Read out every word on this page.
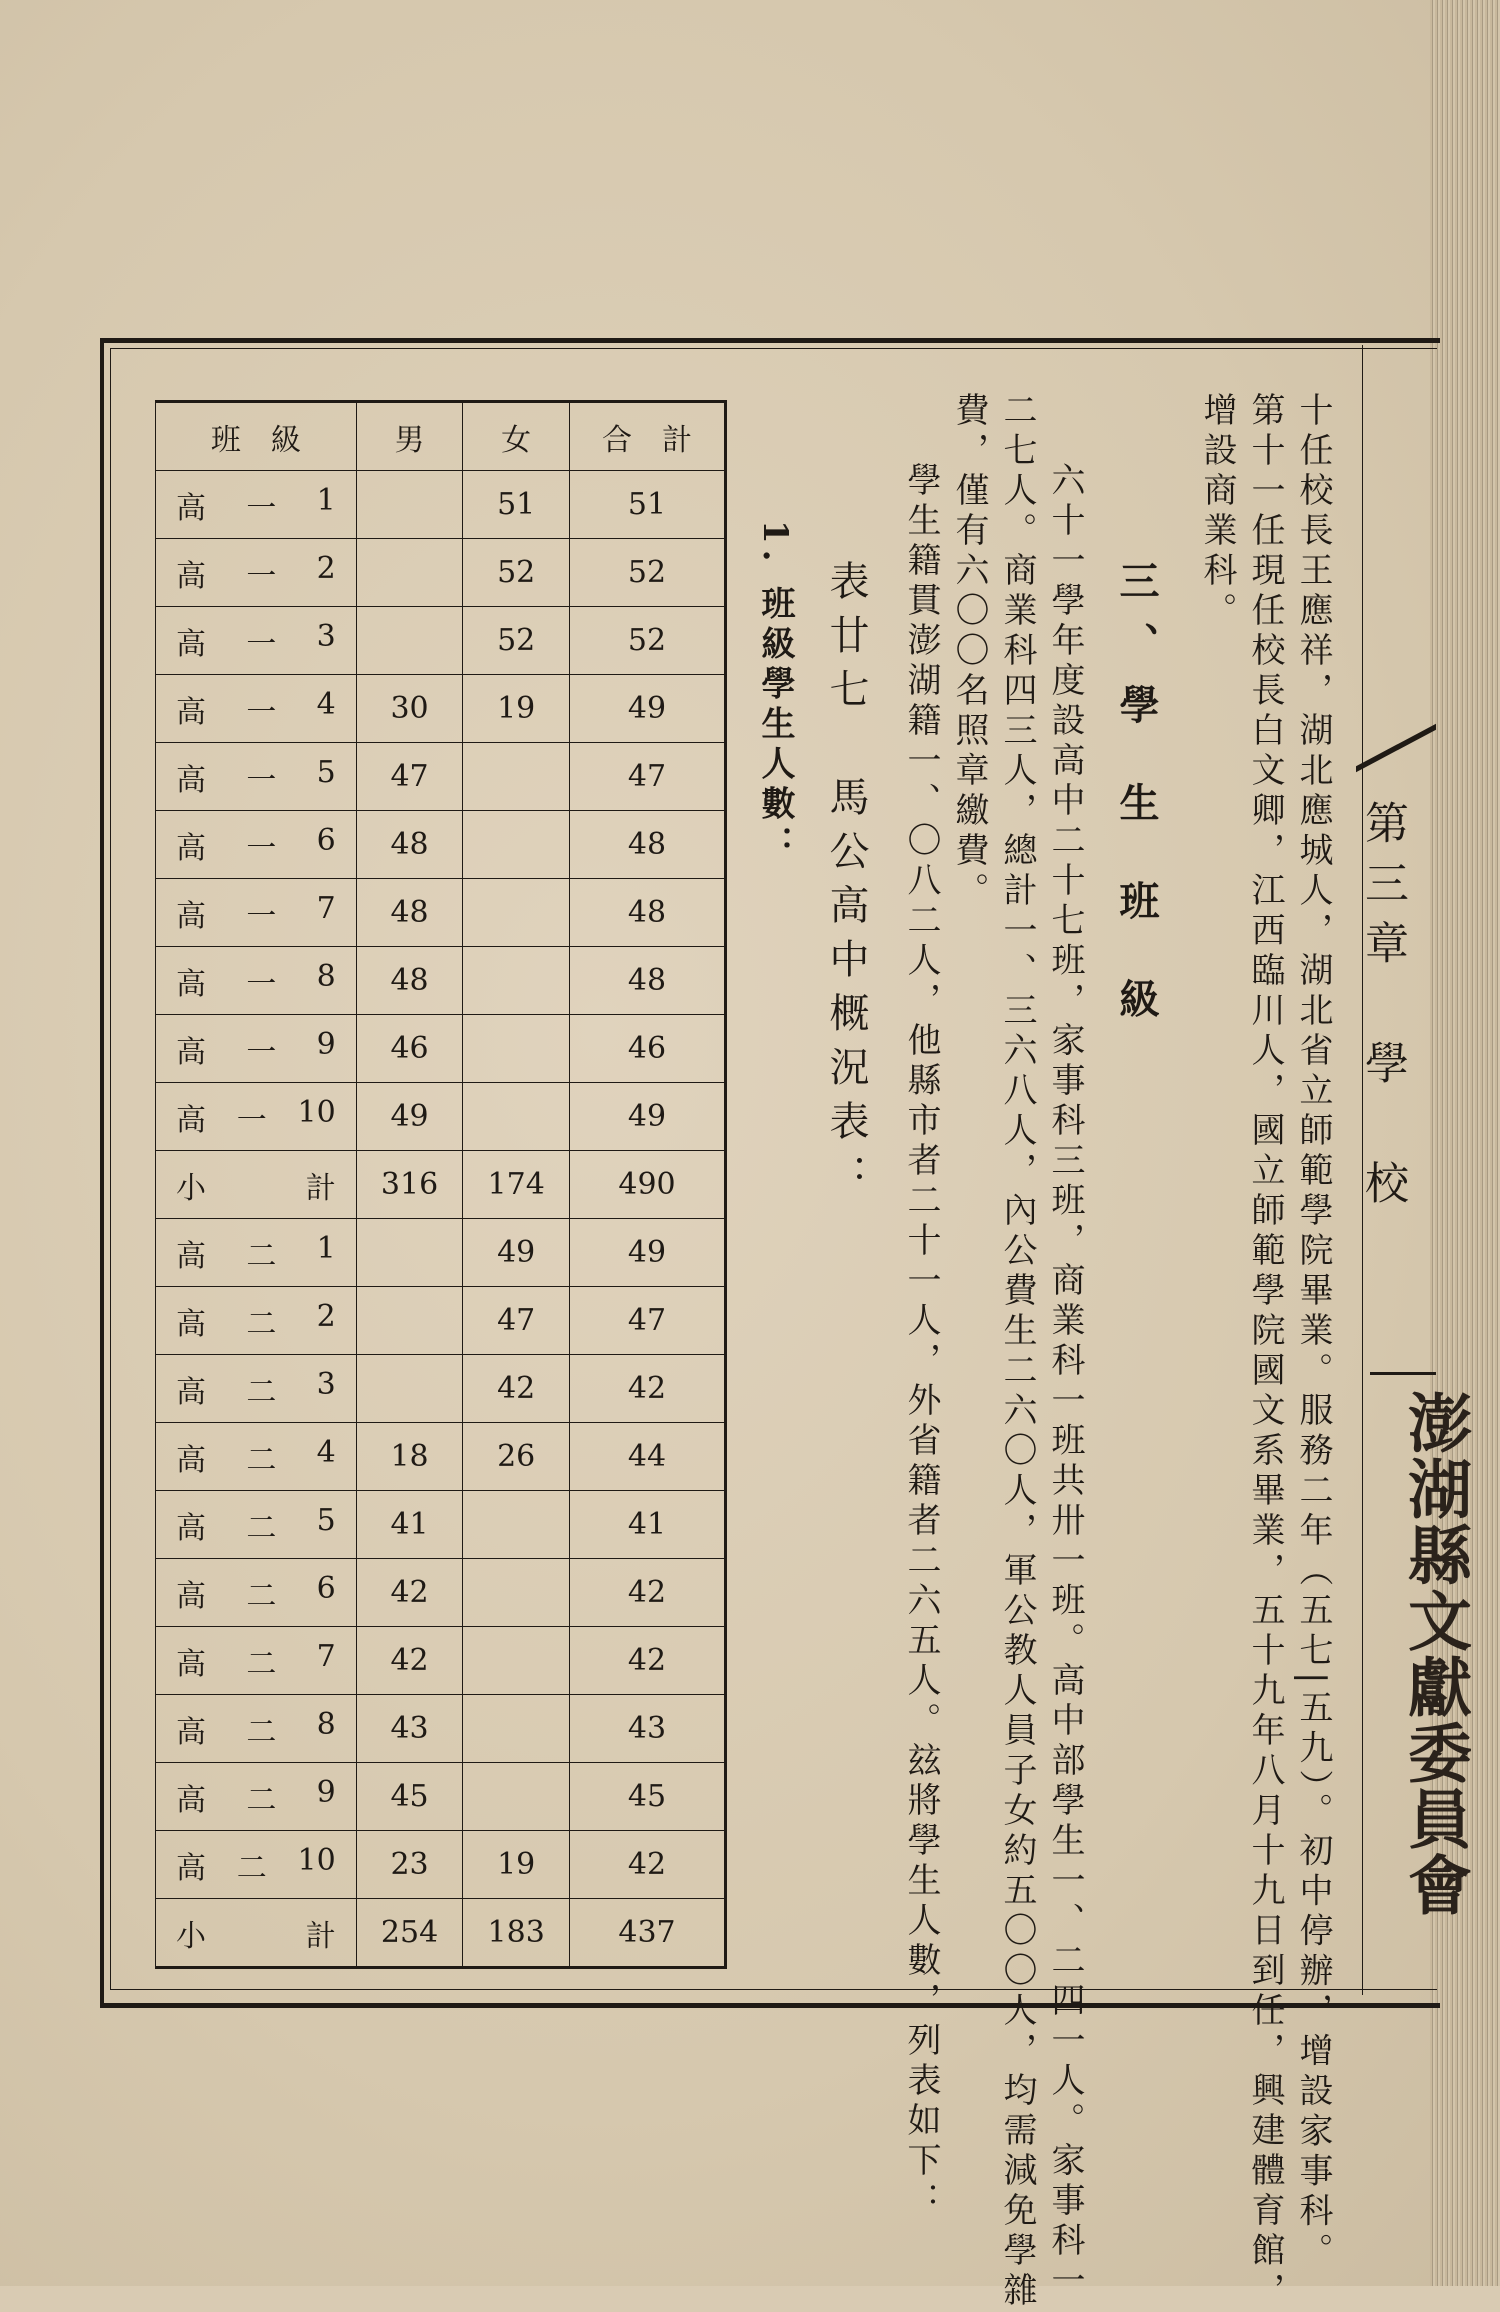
第三章　學　校
澎湖縣文獻委員會
十任校長王應祥，湖北應城人，湖北省立師範學院畢業。服務二年（五七|五九）。初中停辦，增設家事科。
第十一任現任校長白文卿，江西臨川人，國立師範學院國文系畢業，五十九年八月十九日到任，興建體育館，
增設商業科。
三、學 生 班 級
六十一學年度設高中二十七班，家事科三班，商業科一班共卅一班。高中部學生一、二四一人。家事科一
二七人。商業科四三人，總計一、三六八人，內公費生二六〇人，軍公教人員子女約五〇〇人，均需減免學雜
費，僅有六〇〇名照章繳費。
學生籍貫澎湖籍一、〇八二人，他縣市者二十一人，外省籍者二六五人。玆將學生人數，列表如下：
表廿七　馬公高中概況表：
1. 班級學生人數：
班　級	男	女	合　計

高 一 1		51	51

高 一 2		52	52

高 一 3		52	52

高 一 4	30	19	49

高 一 5	47		47

高 一 6	48		48

高 一 7	48		48

高 一 8	48		48

高 一 9	46		46

高 一 10	49		49

小 計	316	174	490

高 二 1		49	49

高 二 2		47	47

高 二 3		42	42

高 二 4	18	26	44

高 二 5	41		41

高 二 6	42		42

高 二 7	42		42

高 二 8	43		43

高 二 9	45		45

高 二 10	23	19	42

小 計	254	183	437
